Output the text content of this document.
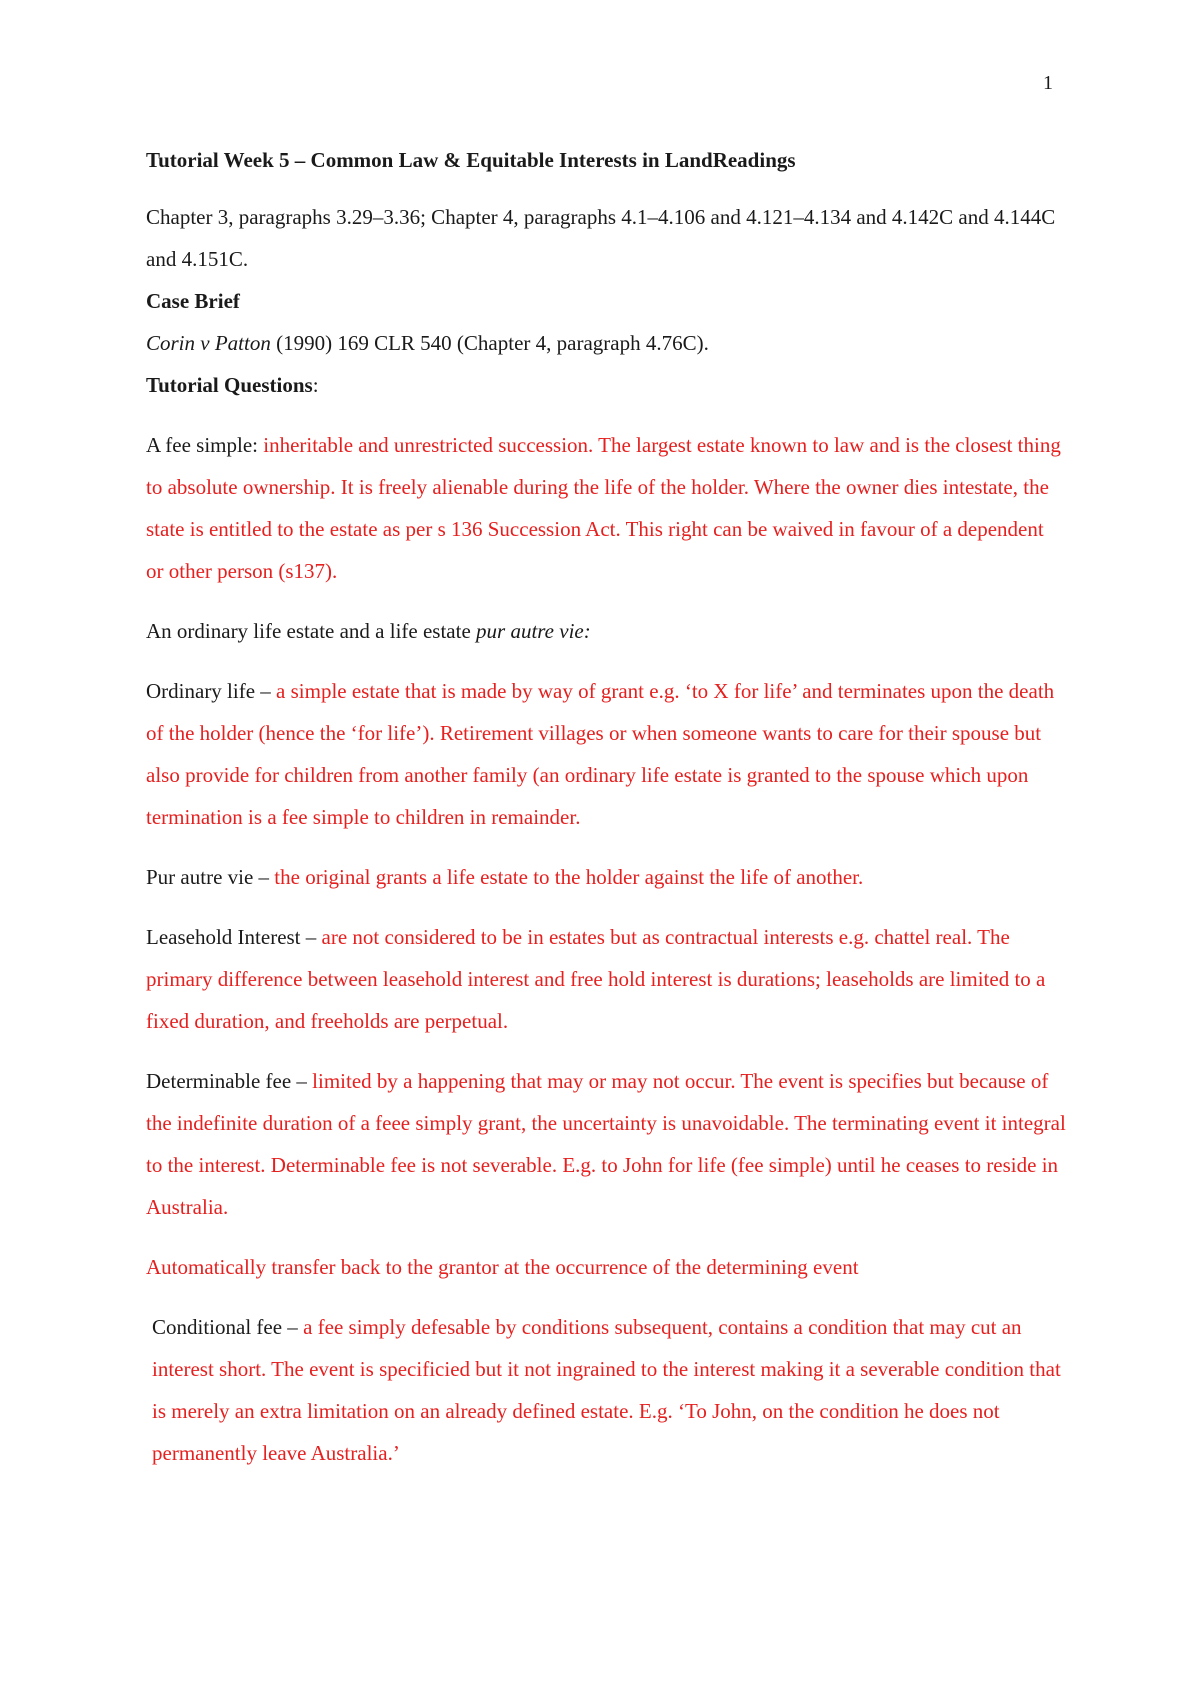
1

Tutorial Week 5 – Common Law & Equitable Interests in LandReadings

Chapter 3, paragraphs 3.29–3.36; Chapter 4, paragraphs 4.1–4.106 and 4.121–4.134 and 4.142C and 4.144C and 4.151C.

Case Brief

Corin v Patton (1990) 169 CLR 540 (Chapter 4, paragraph 4.76C).

Tutorial Questions:

A fee simple: inheritable and unrestricted succession. The largest estate known to law and is the closest thing to absolute ownership. It is freely alienable during the life of the holder. Where the owner dies intestate, the state is entitled to the estate as per s 136 Succession Act. This right can be waived in favour of a dependent or other person (s137).

An ordinary life estate and a life estate pur autre vie:

Ordinary life – a simple estate that is made by way of grant e.g. ‘to X for life’ and terminates upon the death of the holder (hence the ‘for life’). Retirement villages or when someone wants to care for their spouse but also provide for children from another family (an ordinary life estate is granted to the spouse which upon termination is a fee simple to children in remainder.

Pur autre vie – the original grants a life estate to the holder against the life of another.

Leasehold Interest – are not considered to be in estates but as contractual interests e.g. chattel real. The primary difference between leasehold interest and free hold interest is durations; leaseholds are limited to a fixed duration, and freeholds are perpetual.

Determinable fee – limited by a happening that may or may not occur. The event is specifies but because of the indefinite duration of a feee simply grant, the uncertainty is unavoidable. The terminating event it integral to the interest. Determinable fee is not severable. E.g. to John for life (fee simple) until he ceases to reside in Australia.

Automatically transfer back to the grantor at the occurrence of the determining event

Conditional fee – a fee simply defesable by conditions subsequent, contains a condition that may cut an interest short. The event is specificied but it not ingrained to the interest making it a severable condition that is merely an extra limitation on an already defined estate. E.g. ‘To John, on the condition he does not permanently leave Australia.’
